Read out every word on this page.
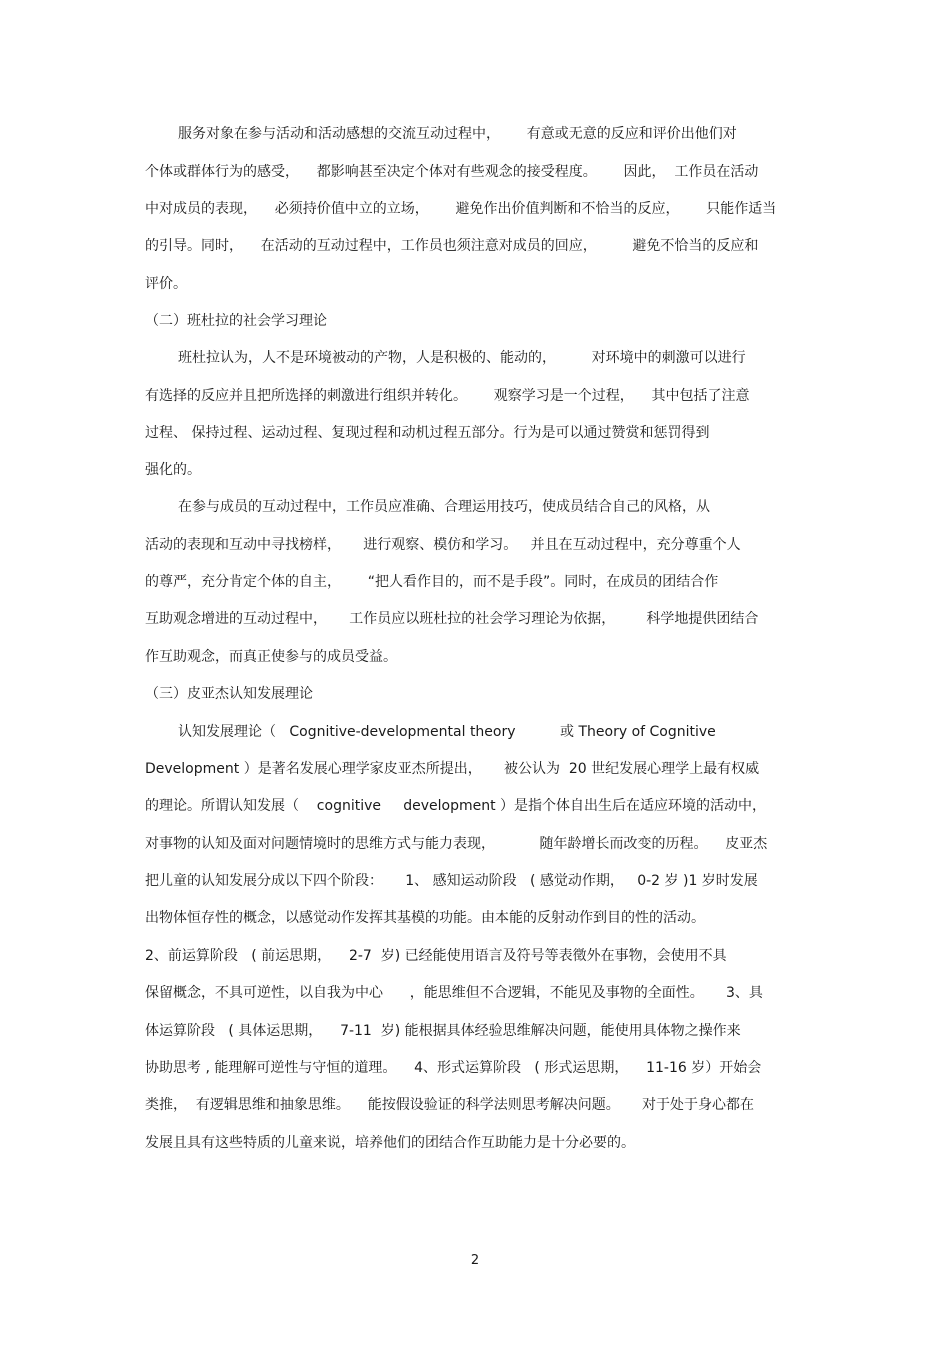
服务对象在参与活动和活动感想的交流互动过程中，      有意或无意的反应和评价出他们对
个体或群体行为的感受，    都影响甚至决定个体对有些观念的接受程度。      因此，  工作员在活动
中对成员的表现，    必须持价值中立的立场，      避免作出价值判断和不恰当的反应，      只能作适当
的引导。同时，    在活动的互动过程中，工作员也须注意对成员的回应，        避免不恰当的反应和
评价。
（二）班杜拉的社会学习理论
班杜拉认为，人不是环境被动的产物，人是积极的、能动的，        对环境中的刺激可以进行
有选择的反应并且把所选择的刺激进行组织并转化。      观察学习是一个过程，    其中包括了注意
过程、 保持过程、运动过程、复现过程和动机过程五部分。行为是可以通过赞赏和惩罚得到
强化的。
在参与成员的互动过程中，工作员应准确、合理运用技巧，使成员结合自己的风格，从
活动的表现和互动中寻找榜样，     进行观察、模仿和学习。   并且在互动过程中，充分尊重个人
的尊严，充分肯定个体的自主，      “把人看作目的，而不是手段”。同时，在成员的团结合作
互助观念增进的互动过程中，     工作员应以班杜拉的社会学习理论为依据，       科学地提供团结合
作互助观念，而真正使参与的成员受益。
（三）皮亚杰认知发展理论
认知发展理论（   Cognitive-developmental theory          或 Theory of Cognitive
Development ）是著名发展心理学家皮亚杰所提出，     被公认为  20 世纪发展心理学上最有权威
的理论。所谓认知发展（    cognitive     development ）是指个体自出生后在适应环境的活动中，
对事物的认知及面对问题情境时的思维方式与能力表现，          随年龄增长而改变的历程。    皮亚杰
把儿童的认知发展分成以下四个阶段：     1、 感知运动阶段   ( 感觉动作期，   0-2 岁 )1 岁时发展
出物体恒存性的概念，以感觉动作发挥其基模的功能。由本能的反射动作到目的性的活动。
2、前运算阶段   ( 前运思期，    2-7  岁) 已经能使用语言及符号等表徵外在事物，会使用不具
保留概念，不具可逆性，以自我为中心      ，能思维但不合逻辑，不能见及事物的全面性。     3、具
体运算阶段   ( 具体运思期，    7-11  岁) 能根据具体经验思维解决问题，能使用具体物之操作来
协助思考 , 能理解可逆性与守恒的道理。    4、形式运算阶段   ( 形式运思期，    11-16 岁）开始会
类推，  有逻辑思维和抽象思维。    能按假设验证的科学法则思考解决问题。     对于处于身心都在
发展且具有这些特质的儿童来说，培养他们的团结合作互助能力是十分必要的。
2
